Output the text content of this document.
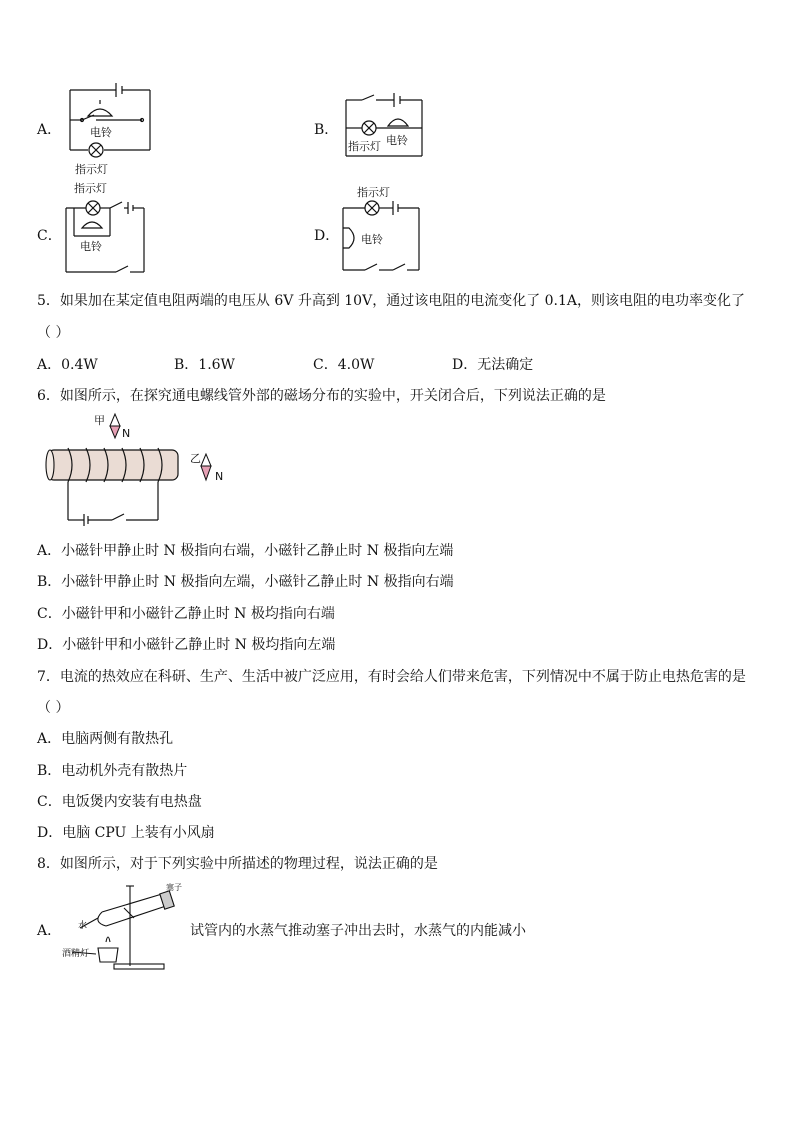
A．	电铃
指示灯
B．
指示灯 电铃
C．
指示灯
电铃
D．
指示灯
电铃
5．如果加在某定值电阻两端的电压从 6V 升高到 10V，通过该电阻的电流变化了 0.1A，则该电阻的电功率变化了
（ ）
A．0.4W	B．1.6W	C．4.0W	D．无法确定
6．如图所示，在探究通电螺线管外部的磁场分布的实验中，开关闭合后，下列说法正确的是
甲
N
乙
N
A．小磁针甲静止时 N 极指向右端，小磁针乙静止时 N 极指向左端
B．小磁针甲静止时 N 极指向左端，小磁针乙静止时 N 极指向右端
C．小磁针甲和小磁针乙静止时 N 极均指向右端
D．小磁针甲和小磁针乙静止时 N 极均指向左端
7．电流的热效应在科研、生产、生活中被广泛应用，有时会给人们带来危害，下列情况中不属于防止电热危害的是
（ ）
A．电脑两侧有散热孔
B．电动机外壳有散热片
C．电饭煲内安装有电热盘
D．电脑 CPU 上装有小风扇
8．如图所示，对于下列实验中所描述的物理过程，说法正确的是
A． 水
酒精灯
塞子
试管内的水蒸气推动塞子冲出去时，水蒸气的内能减小
